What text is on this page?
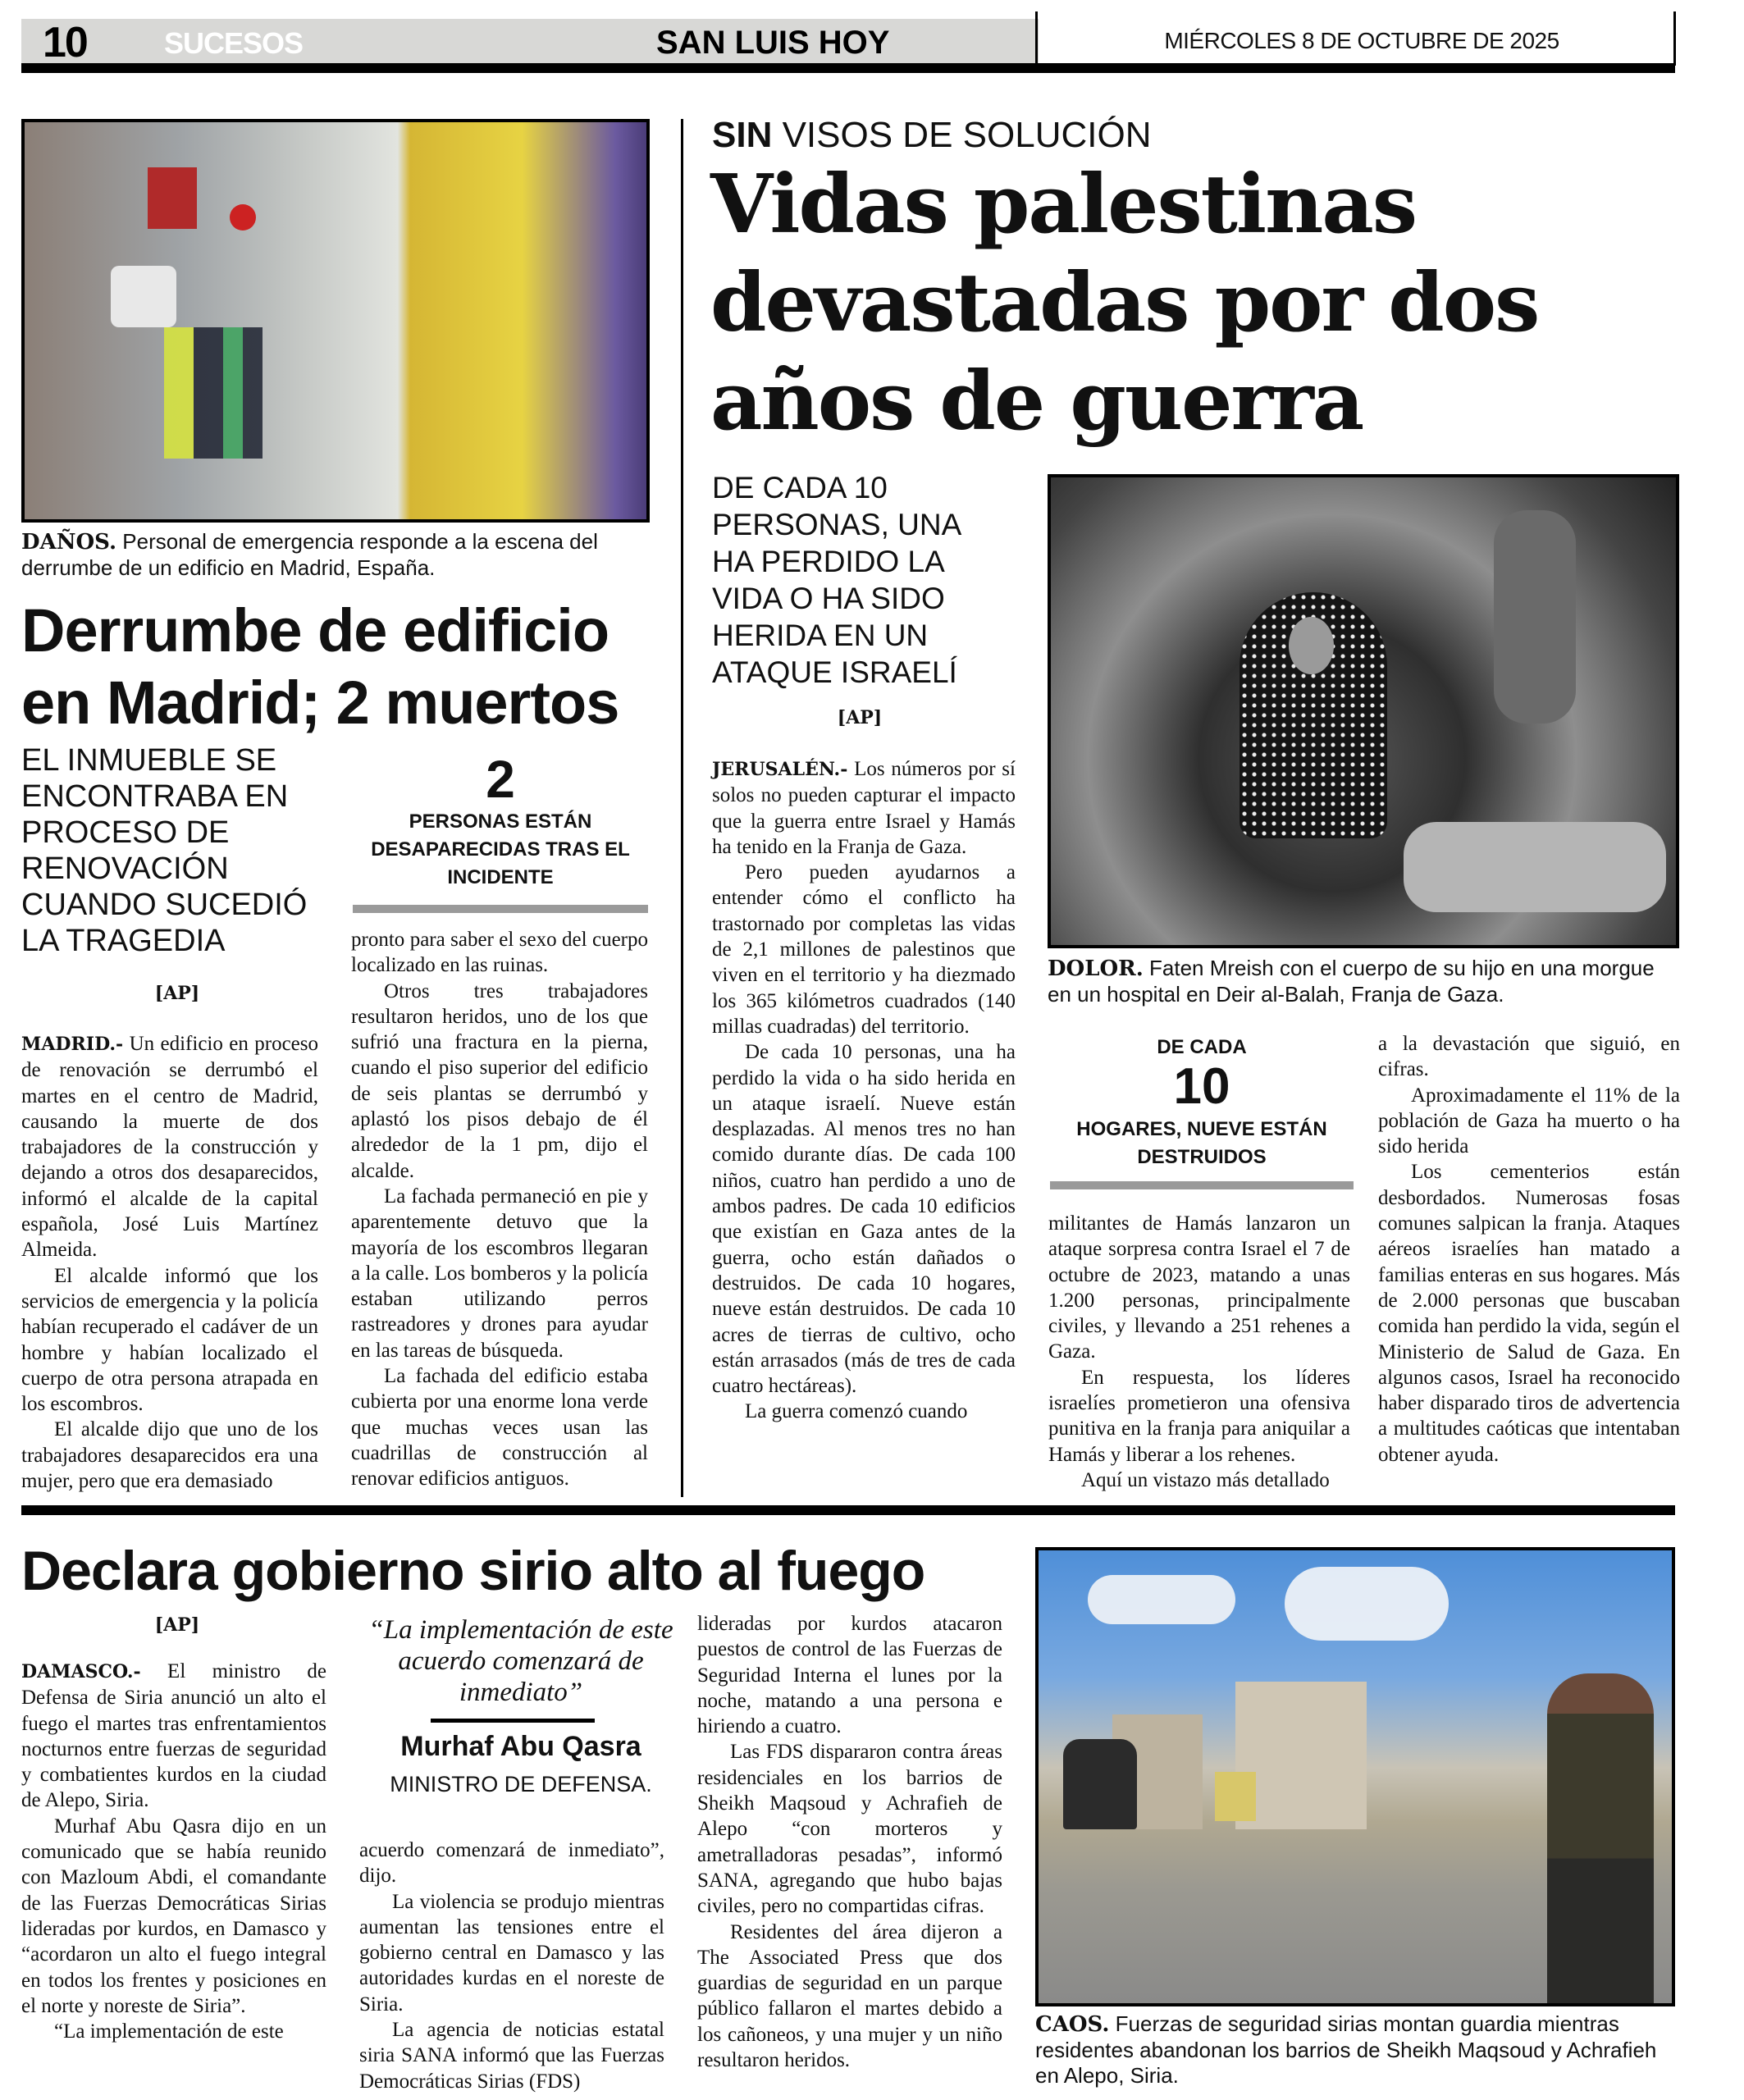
10	SUCESOS	SAN LUIS HOY	MIÉRCOLES 8 DE OCTUBRE DE 2025
DAÑOS. Personal de emergencia responde a la escena del derrumbe de un edificio en Madrid, España.
Derrumbe de edificio en Madrid; 2 muertos
EL INMUEBLE SE ENCONTRABA EN PROCESO DE RENOVACIÓN CUANDO SUCEDIÓ LA TRAGEDIA
[AP]
2
PERSONAS ESTÁN DESAPARECIDAS TRAS EL INCIDENTE

MADRID.- Un edificio en proceso de renovación se derrumbó el martes en el centro de Madrid, causando la muerte de dos trabajadores de la construcción y dejando a otros dos desaparecidos, informó el alcalde de la capital española, José Luis Martínez Almeida.

El alcalde informó que los servicios de emergencia y la policía habían recuperado el cadáver de un hombre y habían localizado el cuerpo de otra persona atrapada en los escombros.

El alcalde dijo que uno de los trabajadores desaparecidos era una mujer, pero que era demasiado

pronto para saber el sexo del cuerpo localizado en las ruinas.

Otros tres trabajadores resultaron heridos, uno de los que sufrió una fractura en la pierna, cuando el piso superior del edificio de seis plantas se derrumbó y aplastó los pisos debajo de él alrededor de la 1 pm, dijo el alcalde.

La fachada permaneció en pie y aparentemente detuvo que la mayoría de los escombros llegaran a la calle. Los bomberos y la policía estaban utilizando perros rastreadores y drones para ayudar en las tareas de búsqueda.

La fachada del edificio estaba cubierta por una enorme lona verde que muchas veces usan las cuadrillas de construcción al renovar edificios antiguos.

SIN VISOS DE SOLUCIÓN
Vidas palestinas devastadas por dos años de guerra
DE CADA 10 PERSONAS, UNA HA PERDIDO LA VIDA O HA SIDO HERIDA EN UN ATAQUE ISRAELÍ
[AP]
DOLOR. Faten Mreish con el cuerpo de su hijo en una morgue en un hospital en Deir al-Balah, Franja de Gaza.
DE CADA
10
HOGARES, NUEVE ESTÁN DESTRUIDOS

JERUSALÉN.- Los números por sí solos no pueden capturar el impacto que la guerra entre Israel y Hamás ha tenido en la Franja de Gaza.

Pero pueden ayudarnos a entender cómo el conflicto ha trastornado por completas las vidas de 2,1 millones de palestinos que viven en el territorio y ha diezmado los 365 kilómetros cuadrados (140 millas cuadradas) del territorio.

De cada 10 personas, una ha perdido la vida o ha sido herida en un ataque israelí. Nueve están desplazadas. Al menos tres no han comido durante días. De cada 100 niños, cuatro han perdido a uno de ambos padres. De cada 10 edificios que existían en Gaza antes de la guerra, ocho están dañados o destruidos. De cada 10 hogares, nueve están destruidos. De cada 10 acres de tierras de cultivo, ocho están arrasados (más de tres de cada cuatro hectáreas).

La guerra comenzó cuando

militantes de Hamás lanzaron un ataque sorpresa contra Israel el 7 de octubre de 2023, matando a unas 1.200 personas, principalmente civiles, y llevando a 251 rehenes a Gaza.

En respuesta, los líderes israelíes prometieron una ofensiva punitiva en la franja para aniquilar a Hamás y liberar a los rehenes.

Aquí un vistazo más detallado

a la devastación que siguió, en cifras.

Aproximadamente el 11% de la población de Gaza ha muerto o ha sido herida

Los cementerios están desbordados. Numerosas fosas comunes salpican la franja. Ataques aéreos israelíes han matado a familias enteras en sus hogares. Más de 2.000 personas que buscaban comida han perdido la vida, según el Ministerio de Salud de Gaza. En algunos casos, Israel ha reconocido haber disparado tiros de advertencia a multitudes caóticas que intentaban obtener ayuda.

Declara gobierno sirio alto al fuego
[AP]	“La implementación de este acuerdo comenzará de inmediato”
Murhaf Abu Qasra
MINISTRO DE DEFENSA.

DAMASCO.- El ministro de Defensa de Siria anunció un alto el fuego el martes tras enfrentamientos nocturnos entre fuerzas de seguridad y combatientes kurdos en la ciudad de Alepo, Siria.

Murhaf Abu Qasra dijo en un comunicado que se había reunido con Mazloum Abdi, el comandante de las Fuerzas Democráticas Sirias lideradas por kurdos, en Damasco y “acordaron un alto el fuego integral en todos los frentes y posiciones en el norte y noreste de Siria”.

“La implementación de este

acuerdo comenzará de inmediato”, dijo.

La violencia se produjo mientras aumentan las tensiones entre el gobierno central en Damasco y las autoridades kurdas en el noreste de Siria.

La agencia de noticias estatal siria SANA informó que las Fuerzas Democráticas Sirias (FDS)

lideradas por kurdos atacaron puestos de control de las Fuerzas de Seguridad Interna el lunes por la noche, matando a una persona e hiriendo a cuatro.

Las FDS dispararon contra áreas residenciales en los barrios de Sheikh Maqsoud y Achrafieh de Alepo “con morteros y ametralladoras pesadas”, informó SANA, agregando que hubo bajas civiles, pero no compartidas cifras.

Residentes del área dijeron a The Associated Press que dos guardias de seguridad en un parque público fallaron el martes debido a los cañoneos, y una mujer y un niño resultaron heridos.

CAOS. Fuerzas de seguridad sirias montan guardia mientras residentes abandonan los barrios de Sheikh Maqsoud y Achrafieh en Alepo, Siria.
